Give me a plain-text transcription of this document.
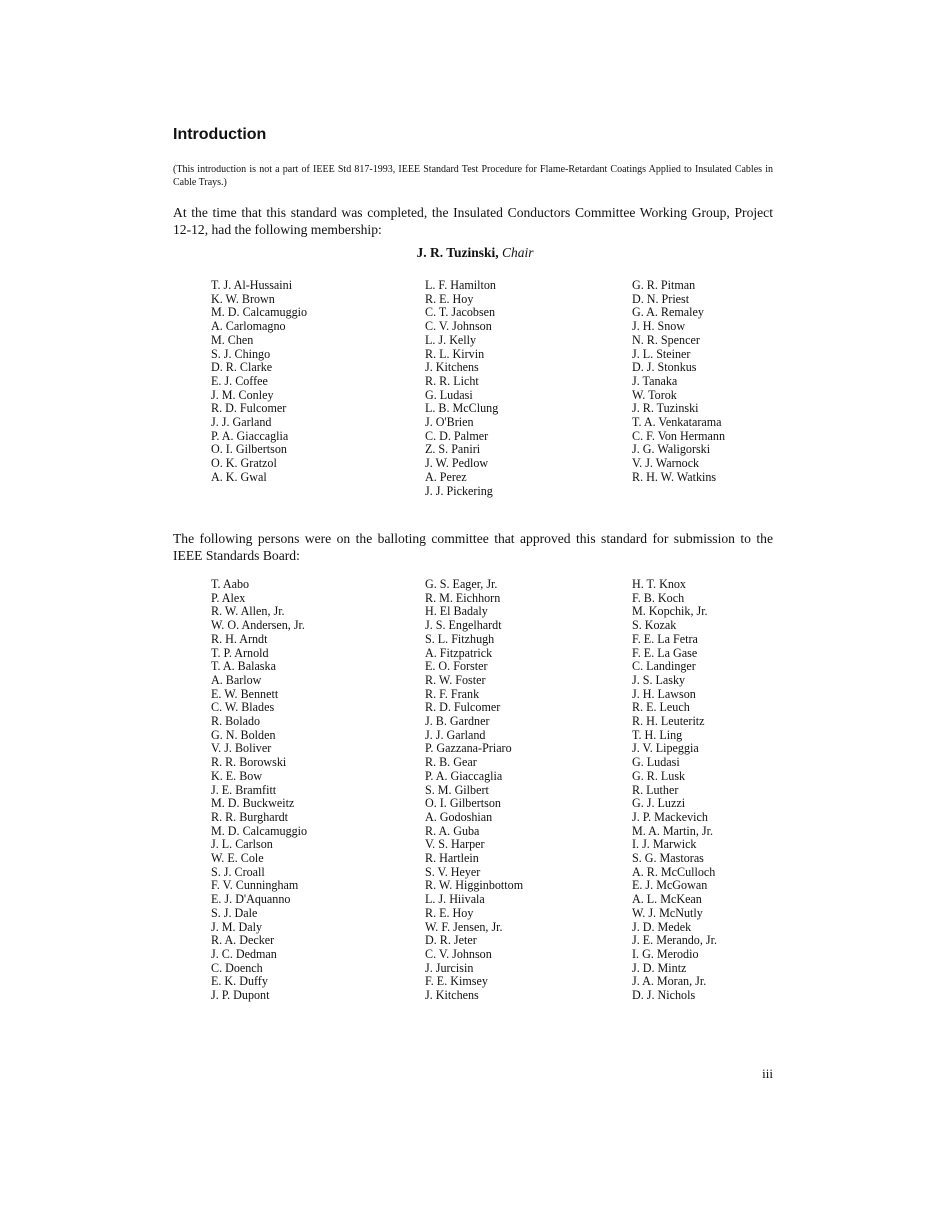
Introduction

(This introduction is not a part of IEEE Std 817-1993, IEEE Standard Test Procedure for Flame-Retardant Coatings Applied to Insulated Cables in Cable Trays.)

At the time that this standard was completed, the Insulated Conductors Committee Working Group, Project 12-12, had the following membership:

J. R. Tuzinski, Chair

T. J. Al-Hussaini
K. W. Brown
M. D. Calcamuggio
A. Carlomagno
M. Chen
S. J. Chingo
D. R. Clarke
E. J. Coffee
J. M. Conley
R. D. Fulcomer
J. J. Garland
P. A. Giaccaglia
O. I. Gilbertson
O. K. Gratzol
A. K. Gwal
L. F. Hamilton
R. E. Hoy
C. T. Jacobsen
C. V. Johnson
L. J. Kelly
R. L. Kirvin
J. Kitchens
R. R. Licht
G. Ludasi
L. B. McClung
J. O'Brien
C. D. Palmer
Z. S. Paniri
J. W. Pedlow
A. Perez
J. J. Pickering
G. R. Pitman
D. N. Priest
G. A. Remaley
J. H. Snow
N. R. Spencer
J. L. Steiner
D. J. Stonkus
J. Tanaka
W. Torok
J. R. Tuzinski
T. A. Venkatarama
C. F. Von Hermann
J. G. Waligorski
V. J. Warnock
R. H. W. Watkins

The following persons were on the balloting committee that approved this standard for submission to the IEEE Standards Board:

T. Aabo
P. Alex
R. W. Allen, Jr.
W. O. Andersen, Jr.
R. H. Arndt
T. P. Arnold
T. A. Balaska
A. Barlow
E. W. Bennett
C. W. Blades
R. Bolado
G. N. Bolden
V. J. Boliver
R. R. Borowski
K. E. Bow
J. E. Bramfitt
M. D. Buckweitz
R. R. Burghardt
M. D. Calcamuggio
J. L. Carlson
W. E. Cole
S. J. Croall
F. V. Cunningham
E. J. D'Aquanno
S. J. Dale
J. M. Daly
R. A. Decker
J. C. Dedman
C. Doench
E. K. Duffy
J. P. Dupont
G. S. Eager, Jr.
R. M. Eichhorn
H. El Badaly
J. S. Engelhardt
S. L. Fitzhugh
A. Fitzpatrick
E. O. Forster
R. W. Foster
R. F. Frank
R. D. Fulcomer
J. B. Gardner
J. J. Garland
P. Gazzana-Priaro
R. B. Gear
P. A. Giaccaglia
S. M. Gilbert
O. I. Gilbertson
A. Godoshian
R. A. Guba
V. S. Harper
R. Hartlein
S. V. Heyer
R. W. Higginbottom
L. J. Hiivala
R. E. Hoy
W. F. Jensen, Jr.
D. R. Jeter
C. V. Johnson
J. Jurcisin
F. E. Kimsey
J. Kitchens
H. T. Knox
F. B. Koch
M. Kopchik, Jr.
S. Kozak
F. E. La Fetra
F. E. La Gase
C. Landinger
J. S. Lasky
J. H. Lawson
R. E. Leuch
R. H. Leuteritz
T. H. Ling
J. V. Lipeggia
G. Ludasi
G. R. Lusk
R. Luther
G. J. Luzzi
J. P. Mackevich
M. A. Martin, Jr.
I. J. Marwick
S. G. Mastoras
A. R. McCulloch
E. J. McGowan
A. L. McKean
W. J. McNutly
J. D. Medek
J. E. Merando, Jr.
I. G. Merodio
J. D. Mintz
J. A. Moran, Jr.
D. J. Nichols

iii
